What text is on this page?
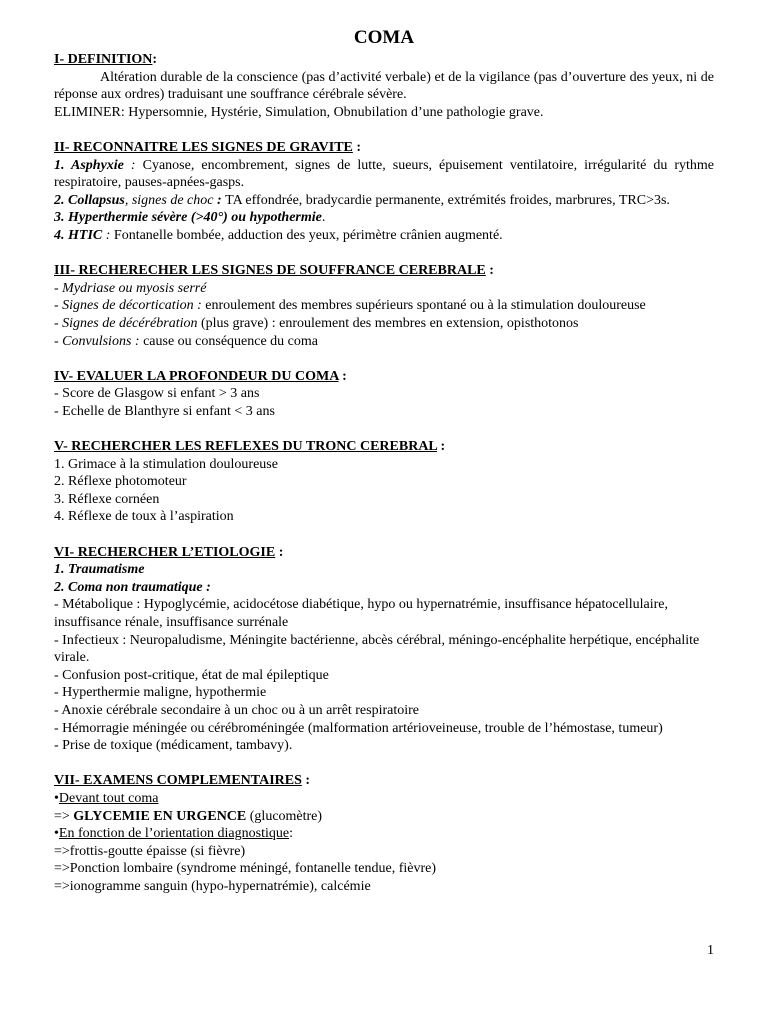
COMA

I- DEFINITION:

Altération durable de la conscience (pas d’activité verbale) et de la vigilance (pas d’ouverture des yeux, ni de réponse aux ordres) traduisant une souffrance cérébrale sévère.

ELIMINER: Hypersomnie, Hystérie, Simulation, Obnubilation d’une pathologie grave.

II- RECONNAITRE LES SIGNES DE GRAVITE :

1. Asphyxie : Cyanose, encombrement, signes de lutte, sueurs, épuisement ventilatoire, irrégularité du rythme respiratoire, pauses-apnées-gasps.

2. Collapsus, signes de choc : TA effondrée, bradycardie permanente, extrémités froides, marbrures, TRC>3s.

3. Hyperthermie sévère (>40°) ou hypothermie.

4. HTIC : Fontanelle bombée, adduction des yeux, périmètre crânien augmenté.

III- RECHERECHER LES SIGNES DE SOUFFRANCE CEREBRALE :

- Mydriase ou myosis serré

- Signes de décortication : enroulement des membres supérieurs spontané ou à la stimulation douloureuse

- Signes de décérébration (plus grave) : enroulement des membres en extension, opisthotonos

- Convulsions : cause ou conséquence du coma

IV- EVALUER LA PROFONDEUR DU COMA :

- Score de Glasgow si enfant > 3 ans

- Echelle de Blanthyre si enfant < 3 ans

V- RECHERCHER LES REFLEXES DU TRONC CEREBRAL :

1. Grimace à la stimulation douloureuse

2. Réflexe photomoteur

3. Réflexe cornéen

4. Réflexe de toux à l’aspiration

VI- RECHERCHER L’ETIOLOGIE :

1. Traumatisme

2. Coma non traumatique :

- Métabolique : Hypoglycémie, acidocétose diabétique, hypo ou hypernatrémie, insuffisance hépatocellulaire, insuffisance rénale, insuffisance surrénale

- Infectieux : Neuropaludisme, Méningite bactérienne, abcès cérébral, méningo-encéphalite herpétique, encéphalite virale.

- Confusion post-critique, état de mal épileptique

- Hyperthermie maligne, hypothermie

- Anoxie cérébrale secondaire à un choc ou à un arrêt respiratoire

- Hémorragie méningée ou cérébroméningée (malformation artérioveineuse, trouble de l’hémostase, tumeur)

- Prise de toxique (médicament, tambavy).

VII- EXAMENS COMPLEMENTAIRES :

•Devant tout coma

=> GLYCEMIE EN URGENCE (glucomètre)

•En fonction de l’orientation diagnostique:

=>frottis-goutte épaisse (si fièvre)

=>Ponction lombaire (syndrome méningé, fontanelle tendue, fièvre)

=>ionogramme sanguin (hypo-hypernatrémie), calcémie

1
